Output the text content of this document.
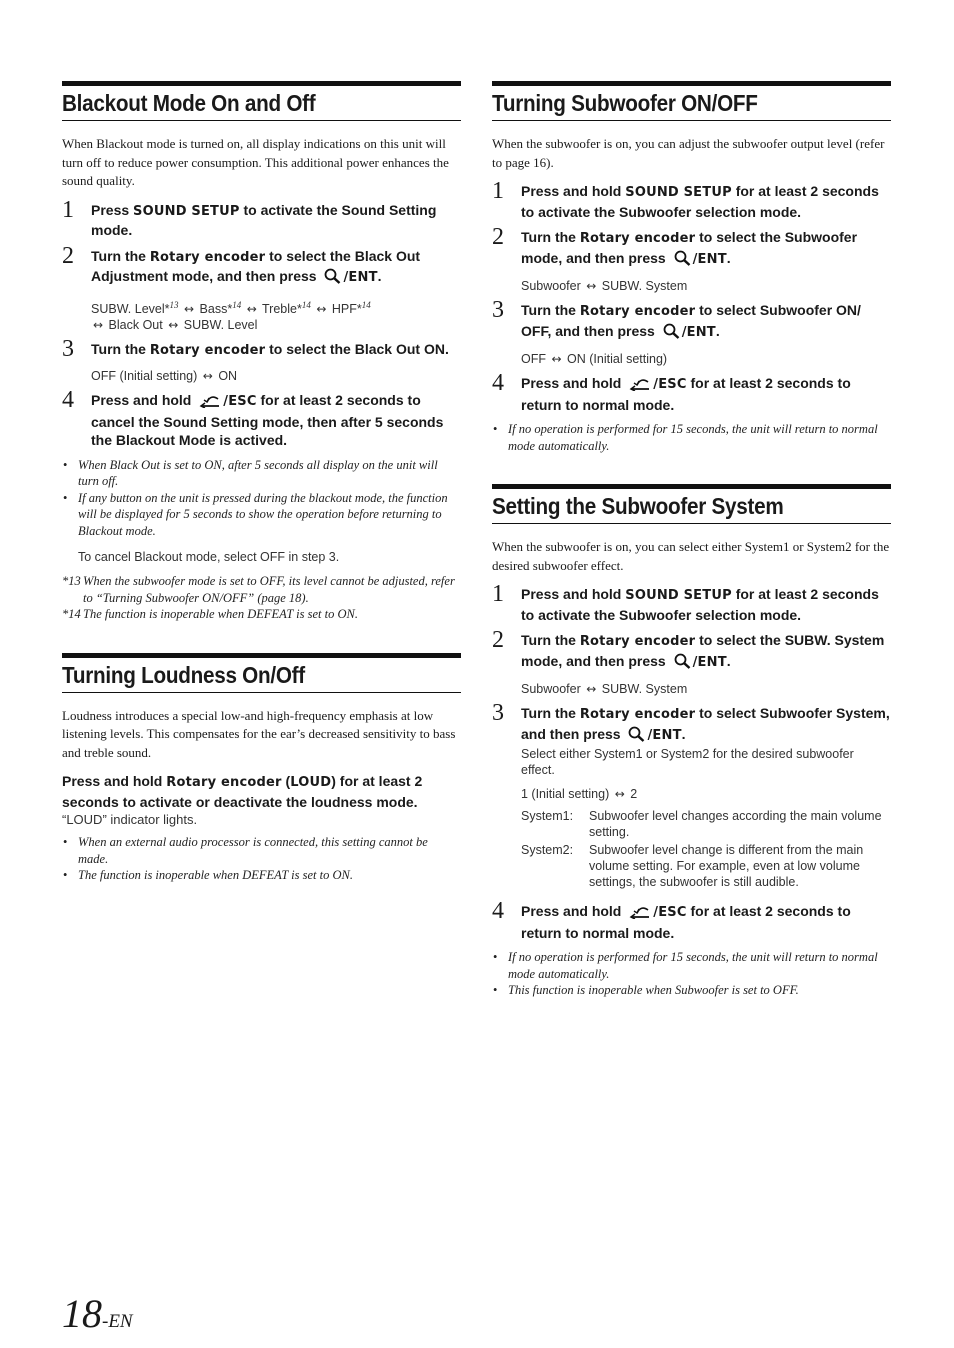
Blackout Mode On and Off

When Blackout mode is turned on, all display indications on this unit will turn off to reduce power consumption. This additional power enhances the sound quality.

1	Press SOUND SETUP to activate the Sound Setting mode.
2	Turn the Rotary encoder to select the Black Out Adjustment mode, and then press /ENT.
SUBW. Level*$^{13}$ ↔ Bass*$^{14}$ ↔ Treble*$^{14}$ ↔ HPF*$^{14}$
↔ Black Out ↔ SUBW. Level
3	Turn the Rotary encoder to select the Black Out ON.
OFF (Initial setting) ↔ ON
4	Press and hold /ESC for at least 2 seconds to cancel the Sound Setting mode, then after 5 seconds the Blackout Mode is actived.
• When Black Out is set to ON, after 5 seconds all display on the unit will turn off.
• If any button on the unit is pressed during the blackout mode, the function will be displayed for 5 seconds to show the operation before returning to Blackout mode.

To cancel Blackout mode, select OFF in step 3.

*13 When the subwoofer mode is set to OFF, its level cannot be adjusted, refer to “Turning Subwoofer ON/OFF” (page 18).
*14 The function is inoperable when DEFEAT is set to ON.
Turning Loudness On/Off

Loudness introduces a special low-and high-frequency emphasis at low listening levels. This compensates for the ear’s decreased sensitivity to bass and treble sound.

Press and hold Rotary encoder (LOUD) for at least 2 seconds to activate or deactivate the loudness mode.
“LOUD” indicator lights.
• When an external audio processor is connected, this setting cannot be made.
• The function is inoperable when DEFEAT is set to ON.
Turning Subwoofer ON/OFF

When the subwoofer is on, you can adjust the subwoofer output level (refer to page 16).

1	Press and hold SOUND SETUP for at least 2 seconds to activate the Subwoofer selection mode.
2	Turn the Rotary encoder to select the Subwoofer mode, and then press /ENT.
Subwoofer ↔ SUBW. System
3	Turn the Rotary encoder to select Subwoofer ON/ OFF, and then press /ENT.
OFF ↔ ON (Initial setting)
4	Press and hold /ESC for at least 2 seconds to return to normal mode.
• If no operation is performed for 15 seconds, the unit will return to normal mode automatically.
Setting the Subwoofer System

When the subwoofer is on, you can select either System1 or System2 for the desired subwoofer effect.

1	Press and hold SOUND SETUP for at least 2 seconds to activate the Subwoofer selection mode.
2	Turn the Rotary encoder to select the SUBW. System mode, and then press /ENT.
Subwoofer ↔ SUBW. System
3	Turn the Rotary encoder to select Subwoofer System, and then press /ENT.
Select either System1 or System2 for the desired subwoofer effect.
1 (Initial setting) ↔ 2
System1:	Subwoofer level changes according the main volume setting.
System2:	Subwoofer level change is different from the main volume setting. For example, even at low volume settings, the subwoofer is still audible.
4	Press and hold /ESC for at least 2 seconds to return to normal mode.
• If no operation is performed for 15 seconds, the unit will return to normal mode automatically.
• This function is inoperable when Subwoofer is set to OFF.
18-EN
